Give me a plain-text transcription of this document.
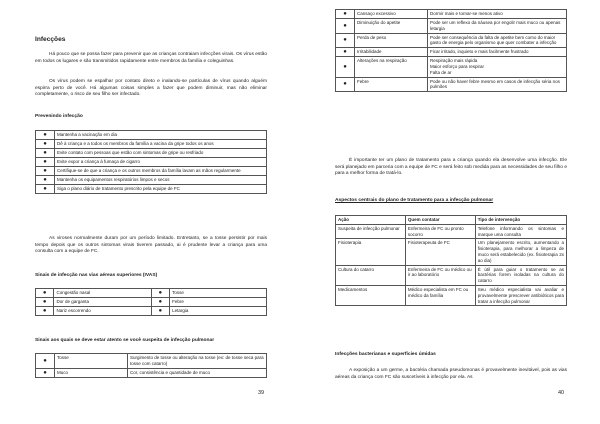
Infecções

Há pouco que se possa fazer para prevenir que as crianças contraiam infecções virais. Os vírus estão em todos os lugares e são transmitidos rapidamente entre membros da família e coleguinhas.

Os vírus podem se espalhar por contato direto e inalando-se partículas de vírus quando alguém espirra perto de você. Há algumas coisas simples a fazer que podem diminuir, mas não eliminar completamente, o risco de seu filho ser infectado.

Prevenindo infecção
●	Mantenha a vacinação em dia
●	Dê à criança e a todos os membros da família a vacina da gripe todos os anos
●	Evite contato com pessoas que estão com sintomas de gripe ou resfriado
●	Evite expor a criança à fumaça de cigarro
●	Certifique-se de que a criança e os outros membros da família lavam as mãos regularmente
●	Mantenha os equipamentos respiratórios limpos e secos
●	Siga o plano diário de tratamento prescrito pela equipe de FC

As viroses normalmente duram por um período limitado. Entretanto, se a tosse persistir por mais tempo depois que os outros sintomas virais tiverem passado, ai é prudente levar a criança para uma consulta com a equipe de FC.

Sinais de infecção nas vias aéreas superiores (IVAS)
●	Congestão nasal	●	Tosse
●	Dor de garganta	●	Febre
●	Nariz escorrendo	●	Letargia
Sinais aos quais se deve estar atento se você suspeita de infecção pulmonar
●	Tosse	Surgimento de tosse ou alteração na tosse (ex: de tosse seca para tosse com catarro)
●	Muco	Cor, consistência e quantidade de muco
39
●	Cansaço excessivo	Dormir mais e tornar-se menos ativo
●	Diminuição do apetite	Pode ser um reflexo da náusea por engolir mais muco ou apenas letargia
●	Perda de peso	Pode ser consequência da falta de apetite bem como do maior gasto de energia pelo organismo que quer combater a infecção
●	Irritabilidade	Ficar irritado, inquieto e mais facilmente frustrado
●	Alterações na respiração	Respiração mais rápida
Maior esforço para respirar
Falta de ar
●	Febre	Pode ou não haver febre mesmo em casos de infecção séria nos pulmões

É importante ter um plano de tratamento para a criança quando ela desenvolve uma infecção. Ele será planejado em parceria com a equipe de FC e será feito sob medida para as necessidades de seu filho e para a melhor forma de tratá-lo.

Aspectos centrais do plano de tratamento para a infecção pulmonar
Ação	Quem contatar	Tipo de intervenção
Suspeita de infecção pulmonar	Enfermeira de FC ou pronto socorro	Telefone informando os sintomas e marque uma consulta
Fisioterapia	Fisioterapeuta de FC	Um planejamento escrito, aumentando a fisioterapia, para melhorar a limpeza de muco será estabelecido (ex. fisioterapia 2x ao dia)
Cultura do catarro	Enfermeira de FC ou médico ou ir ao laboratório	É útil para guiar o tratamento se as bactérias forem isoladas na cultura do catarro
Medicamentos	Médico especialista em FC ou médico da família	Seu médico especialista vai avaliar e provavelmente prescrever antibióticos para tratar a infecção pulmonar
Infecções bacterianas e superfícies úmidas

A exposição a um germe, a bactéria chamada pseudomonas é provavelmente inevitável, pois as vias aéreas da criança com FC são suscetíveis à infecção por ela. As

40
